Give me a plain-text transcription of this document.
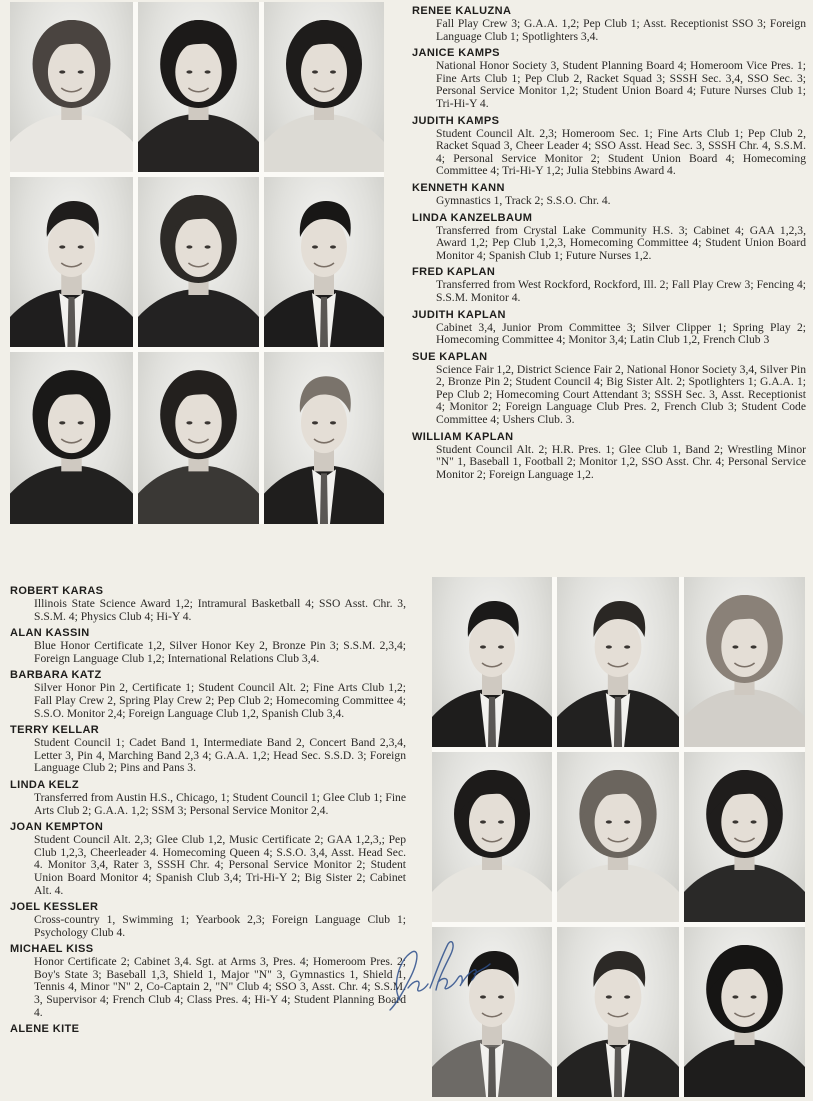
RENEE KALUZNA
Fall Play Crew 3; G.A.A. 1,2; Pep Club 1; Asst. Receptionist SSO 3; Foreign Language Club 1; Spotlighters 3,4.
JANICE KAMPS
National Honor Society 3, Student Planning Board 4; Homeroom Vice Pres. 1; Fine Arts Club 1; Pep Club 2, Racket Squad 3; SSSH Sec. 3,4, SSO Sec. 3; Personal Service Monitor 1,2; Student Union Board 4; Future Nurses Club 1; Tri-Hi-Y 4.
JUDITH KAMPS
Student Council Alt. 2,3; Homeroom Sec. 1; Fine Arts Club 1; Pep Club 2, Racket Squad 3, Cheer Leader 4; SSO Asst. Head Sec. 3, SSSH Chr. 4, S.S.M. 4; Personal Service Monitor 2; Student Union Board 4; Homecoming Committee 4; Tri-Hi-Y 1,2; Julia Stebbins Award 4.
KENNETH KANN
Gymnastics 1, Track 2; S.S.O. Chr. 4.
LINDA KANZELBAUM
Transferred from Crystal Lake Community H.S. 3; Cabinet 4; GAA 1,2,3, Award 1,2; Pep Club 1,2,3, Homecoming Committee 4; Student Union Board Monitor 4; Spanish Club 1; Future Nurses 1,2.
FRED KAPLAN
Transferred from West Rockford, Rockford, Ill. 2; Fall Play Crew 3; Fencing 4; S.S.M. Monitor 4.
JUDITH KAPLAN
Cabinet 3,4, Junior Prom Committee 3; Silver Clipper 1; Spring Play 2; Homecoming Committee 4; Monitor 3,4; Latin Club 1,2, French Club 3
SUE KAPLAN
Science Fair 1,2, District Science Fair 2, National Honor Society 3,4, Silver Pin 2, Bronze Pin 2; Student Council 4; Big Sister Alt. 2; Spotlighters 1; G.A.A. 1; Pep Club 2; Homecoming Court Attendant 3; SSSH Sec. 3, Asst. Receptionist 4; Monitor 2; Foreign Language Club Pres. 2, French Club 3; Student Code Committee 4; Ushers Club. 3.
WILLIAM KAPLAN
Student Council Alt. 2; H.R. Pres. 1; Glee Club 1, Band 2; Wrestling Minor "N" 1, Baseball 1, Football 2; Monitor 1,2, SSO Asst. Chr. 4; Personal Service Monitor 2; Foreign Language 1,2.
ROBERT KARAS
Illinois State Science Award 1,2; Intramural Basketball 4; SSO Asst. Chr. 3, S.S.M. 4; Physics Club 4; Hi-Y 4.
ALAN KASSIN
Blue Honor Certificate 1,2, Silver Honor Key 2, Bronze Pin 3; S.S.M. 2,3,4; Foreign Language Club 1,2; International Relations Club 3,4.
BARBARA KATZ
Silver Honor Pin 2, Certificate 1; Student Council Alt. 2; Fine Arts Club 1,2; Fall Play Crew 2, Spring Play Crew 2; Pep Club 2; Homecoming Committee 4; S.S.O. Monitor 2,4; Foreign Language Club 1,2, Spanish Club 3,4.
TERRY KELLAR
Student Council 1; Cadet Band 1, Intermediate Band 2, Concert Band 2,3,4, Letter 3, Pin 4, Marching Band 2,3 4; G.A.A. 1,2; Head Sec. S.S.D. 3; Foreign Language Club 2; Pins and Pans 3.
LINDA KELZ
Transferred from Austin H.S., Chicago, 1; Student Council 1; Glee Club 1; Fine Arts Club 2; G.A.A. 1,2; SSM 3; Personal Service Monitor 2,4.
JOAN KEMPTON
Student Council Alt. 2,3; Glee Club 1,2, Music Certificate 2; GAA 1,2,3,; Pep Club 1,2,3, Cheerleader 4. Homecoming Queen 4; S.S.O. 3,4, Asst. Head Sec. 4. Monitor 3,4, Rater 3, SSSH Chr. 4; Personal Service Monitor 2; Student Union Board Monitor 4; Spanish Club 3,4; Tri-Hi-Y 2; Big Sister 2; Cabinet Alt. 4.
JOEL KESSLER
Cross-country 1, Swimming 1; Yearbook 2,3; Foreign Language Club 1; Psychology Club 4.
MICHAEL KISS
Honor Certificate 2; Cabinet 3,4. Sgt. at Arms 3, Pres. 4; Homeroom Pres. 2; Boy's State 3; Baseball 1,3, Shield 1, Major "N" 3, Gymnastics 1, Shield 1, Tennis 4, Minor "N" 2, Co-Captain 2, "N" Club 4; SSO 3, Asst. Chr. 4; S.S.M. 3, Supervisor 4; French Club 4; Class Pres. 4; Hi-Y 4; Student Planning Board 4.
ALENE KITE
